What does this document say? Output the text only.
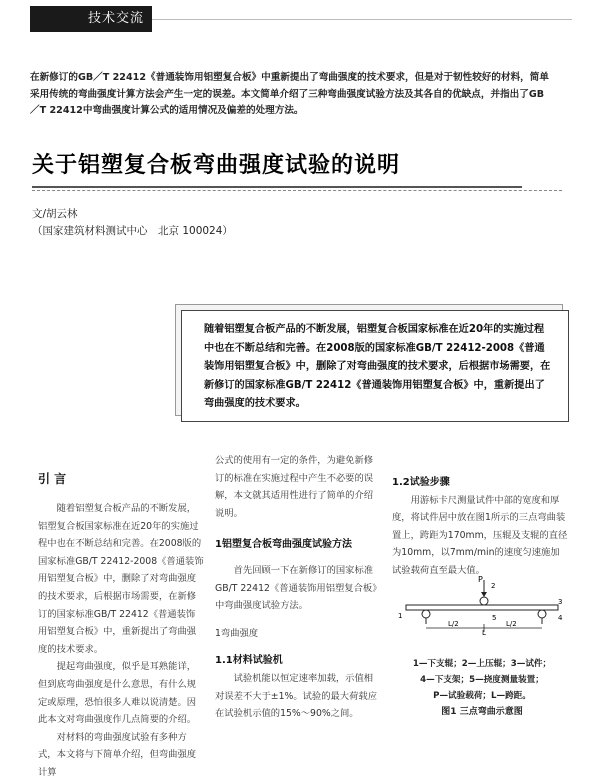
技术交流
在新修订的GB／T 22412《普通装饰用铝塑复合板》中重新提出了弯曲强度的技术要求，但是对于韧性较好的材料，简单采用传统的弯曲强度计算方法会产生一定的误差。本文简单介绍了三种弯曲强度试验方法及其各自的优缺点，并指出了GB／T 22412中弯曲强度计算公式的适用情况及偏差的处理方法。
关于铝塑复合板弯曲强度试验的说明
文/胡云林
（国家建筑材料测试中心　北京 100024）
随着铝塑复合板产品的不断发展，铝塑复合板国家标准在近20年的实施过程中也在不断总结和完善。在2008版的国家标准GB/T 22412-2008《普通装饰用铝塑复合板》中，删除了对弯曲强度的技术要求，后根据市场需要，在新修订的国家标准GB/T 22412《普通装饰用铝塑复合板》中，重新提出了弯曲强度的技术要求。
引 言

随着铝塑复合板产品的不断发展，铝塑复合板国家标准在近20年的实施过程中也在不断总结和完善。在2008版的国家标准GB/T 22412-2008《普通装饰用铝塑复合板》中，删除了对弯曲强度的技术要求，后根据市场需要，在新修订的国家标准GB/T 22412《普通装饰用铝塑复合板》中，重新提出了弯曲强度的技术要求。

提起弯曲强度，似乎是耳熟能详，但到底弯曲强度是什么意思，有什么规定或原理，恐怕很多人难以说清楚。因此本文对弯曲强度作几点简要的介绍。

对材料的弯曲强度试验有多种方式，本文将与下简单介绍，但弯曲强度计算

公式的使用有一定的条件，为避免新修订的标准在实施过程中产生不必要的误解，本文就其适用性进行了简单的介绍说明。

1铝塑复合板弯曲强度试验方法

首先回顾一下在新修订的国家标准GB/T 22412《普通装饰用铝塑复合板》中弯曲强度试验方法。

1弯曲强度

1.1材料试验机

试验机能以恒定速率加载，示值相对误差不大于±1%。试验的最大荷载应在试验机示值的15%～90%之间。

1.2试验步骤

用游标卡尺测量试件中部的宽度和厚度，将试件居中放在图1所示的三点弯曲装置上，跨距为170mm，压辊及支辊的直径为10mm，以7mm/min的速度匀速施加试验载荷直至最大值。

P
L/2	L/2
L
2
3
1	4
5
1—下支辊；2—上压辊；3—试件；
4—下支架；5—挠度测量装置；
P—试验载荷；L—跨距。
图1 三点弯曲示意图
